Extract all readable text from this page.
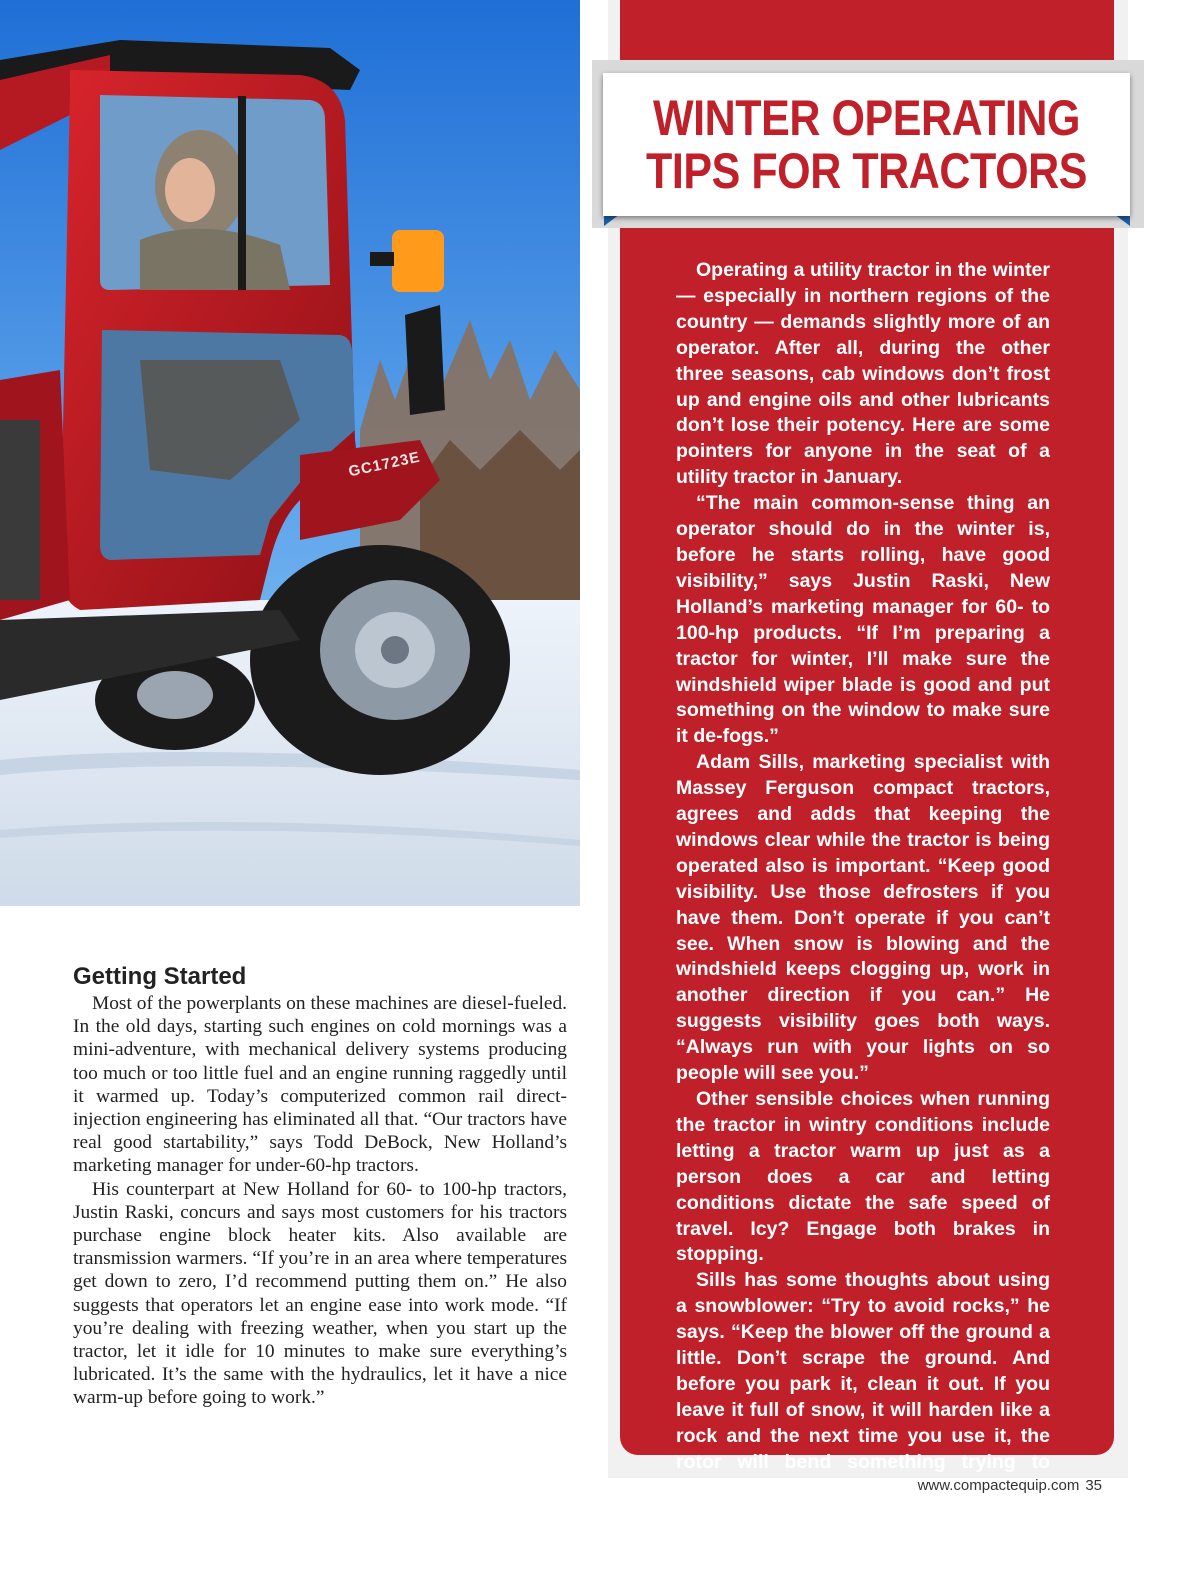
GC1723E
WINTER OPERATING
TIPS FOR TRACTORS

Operating a utility tractor in the winter — especially in northern regions of the country — demands slightly more of an operator. After all, during the other three seasons, cab windows don’t frost up and engine oils and other lubricants don’t lose their potency. Here are some pointers for anyone in the seat of a utility tractor in January.

“The main common-sense thing an operator should do in the winter is, before he starts rolling, have good visibility,” says Justin Raski, New Holland’s marketing manager for 60- to 100-hp products. “If I’m preparing a tractor for winter, I’ll make sure the windshield wiper blade is good and put something on the window to make sure it de-fogs.”

Adam Sills, marketing specialist with Massey Ferguson compact tractors, agrees and adds that keeping the windows clear while the tractor is being operated also is important. “Keep good visibility. Use those defrosters if you have them. Don’t operate if you can’t see. When snow is blowing and the windshield keeps clogging up, work in another direction if you can.” He suggests visibility goes both ways. “Always run with your lights on so people will see you.”

Other sensible choices when running the tractor in wintry conditions include letting a tractor warm up just as a person does a car and letting conditions dictate the safe speed of travel. Icy? Engage both brakes in stopping.

Sills has some thoughts about using a snowblower: “Try to avoid rocks,” he says. “Keep the blower off the ground a little. Don’t scrape the ground. And before you park it, clean it out. If you leave it full of snow, it will harden like a rock and the next time you use it, the rotor will bend something trying to break loose.”

Getting Started

Most of the powerplants on these machines are diesel-fueled. In the old days, starting such engines on cold mornings was a mini-adventure, with mechanical delivery systems producing too much or too little fuel and an engine running raggedly until it warmed up. Today’s computerized common rail direct-injection engineering has eliminated all that. “Our tractors have real good startability,” says Todd DeBock, New Holland’s marketing manager for under-60-hp tractors.

His counterpart at New Holland for 60- to 100-hp tractors, Justin Raski, concurs and says most customers for his tractors purchase engine block heater kits. Also available are transmission warmers. “If you’re in an area where temperatures get down to zero, I’d recommend putting them on.” He also suggests that operators let an engine ease into work mode. “If you’re dealing with freezing weather, when you start up the tractor, let it idle for 10 minutes to make sure everything’s lubricated. It’s the same with the hydraulics, let it have a nice warm-up before going to work.”

www.compactequip.com 35
